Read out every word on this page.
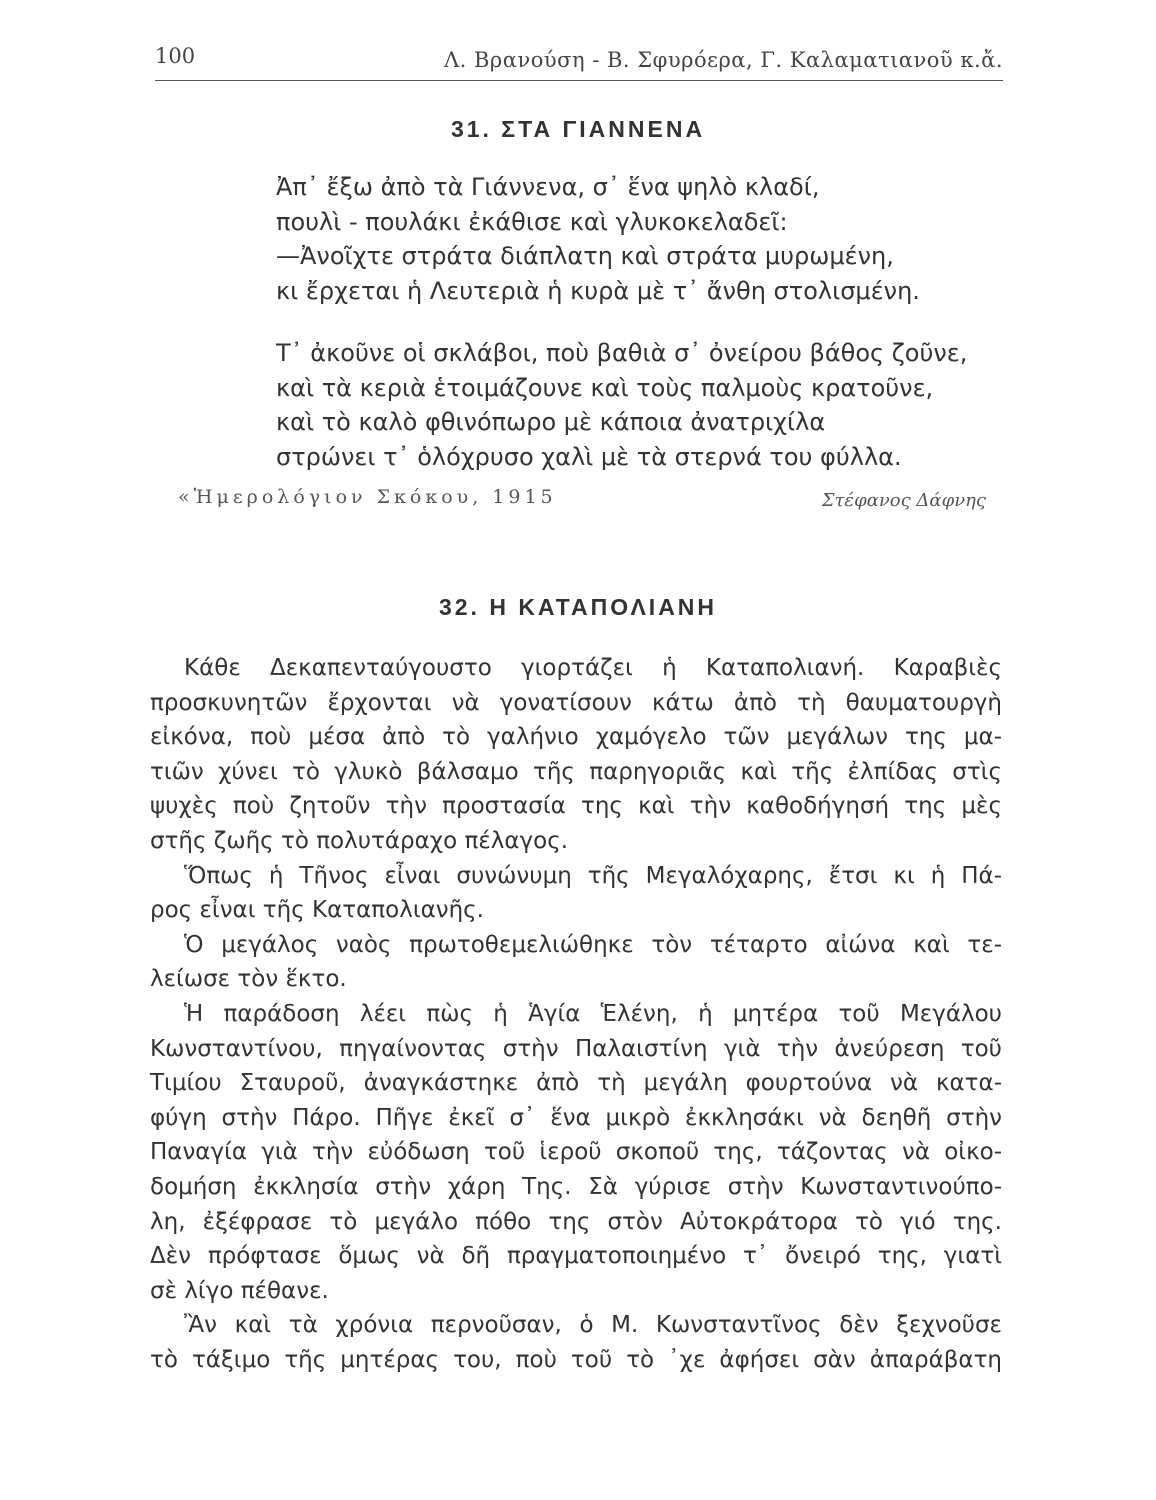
100	Λ. Βρανούση - Β. Σφυρόερα, Γ. Καλαματιανοῦ κ.ἄ.
31. ΣΤΑ ΓΙΑΝΝΕΝΑ
Ἀπ᾽ ἔξω ἀπὸ τὰ Γιάννενα, σ᾽ ἕνα ψηλὸ κλαδί,
πουλὶ - πουλάκι ἐκάθισε καὶ γλυκοκελαδεῖ:
—Ἀνοῖχτε στράτα διάπλατη καὶ στράτα μυρωμένη,
κι ἔρχεται ἡ Λευτεριὰ ἡ κυρὰ μὲ τ᾽ ἄνθη στολισμένη.
Τ᾽ ἀκοῦνε οἱ σκλάβοι, ποὺ βαθιὰ σ᾽ ὀνείρου βάθος ζοῦνε,
καὶ τὰ κεριὰ ἑτοιμάζουνε καὶ τοὺς παλμοὺς κρατοῦνε,
καὶ τὸ καλὸ φθινόπωρο μὲ κάποια ἀνατριχίλα
στρώνει τ᾽ ὁλόχρυσο χαλὶ μὲ τὰ στερνά του φύλλα.
«Ἡμερολόγιον Σκόκου, 1915	Στέφανος Δάφνης
32. Η ΚΑΤΑΠΟΛΙΑΝΗ
Κάθε Δεκαπενταύγουστο γιορτάζει ἡ Καταπολιανή. Καραβιὲς
προσκυνητῶν ἔρχονται νὰ γονατίσουν κάτω ἀπὸ τὴ θαυματουργὴ
εἰκόνα, ποὺ μέσα ἀπὸ τὸ γαλήνιο χαμόγελο τῶν μεγάλων της μα-
τιῶν χύνει τὸ γλυκὸ βάλσαμο τῆς παρηγοριᾶς καὶ τῆς ἐλπίδας στὶς
ψυχὲς ποὺ ζητοῦν τὴν προστασία της καὶ τὴν καθοδήγησή της μὲς
στῆς ζωῆς τὸ πολυτάραχο πέλαγος.
Ὅπως ἡ Τῆνος εἶναι συνώνυμη τῆς Μεγαλόχαρης, ἔτσι κι ἡ Πά-
ρος εἶναι τῆς Καταπολιανῆς.
Ὁ μεγάλος ναὸς πρωτοθεμελιώθηκε τὸν τέταρτο αἰώνα καὶ τε-
λείωσε τὸν ἕκτο.
Ἡ παράδοση λέει πὼς ἡ Ἁγία Ἑλένη, ἡ μητέρα τοῦ Μεγάλου
Κωνσταντίνου, πηγαίνοντας στὴν Παλαιστίνη γιὰ τὴν ἀνεύρεση τοῦ
Τιμίου Σταυροῦ, ἀναγκάστηκε ἀπὸ τὴ μεγάλη φουρτούνα νὰ κατα-
φύγη στὴν Πάρο. Πῆγε ἐκεῖ σ᾽ ἕνα μικρὸ ἐκκλησάκι νὰ δεηθῆ στὴν
Παναγία γιὰ τὴν εὐόδωση τοῦ ἱεροῦ σκοποῦ της, τάζοντας νὰ οἰκο-
δομήση ἐκκλησία στὴν χάρη Της. Σὰ γύρισε στὴν Κωνσταντινούπο-
λη, ἐξέφρασε τὸ μεγάλο πόθο της στὸν Αὐτοκράτορα τὸ γιό της.
Δὲν πρόφτασε ὅμως νὰ δῆ πραγματοποιημένο τ᾽ ὄνειρό της, γιατὶ
σὲ λίγο πέθανε.
Ἂν καὶ τὰ χρόνια περνοῦσαν, ὁ Μ. Κωνσταντῖνος δὲν ξεχνοῦσε
τὸ τάξιμο τῆς μητέρας του, ποὺ τοῦ τὸ ᾽χε ἀφήσει σὰν ἀπαράβατη
